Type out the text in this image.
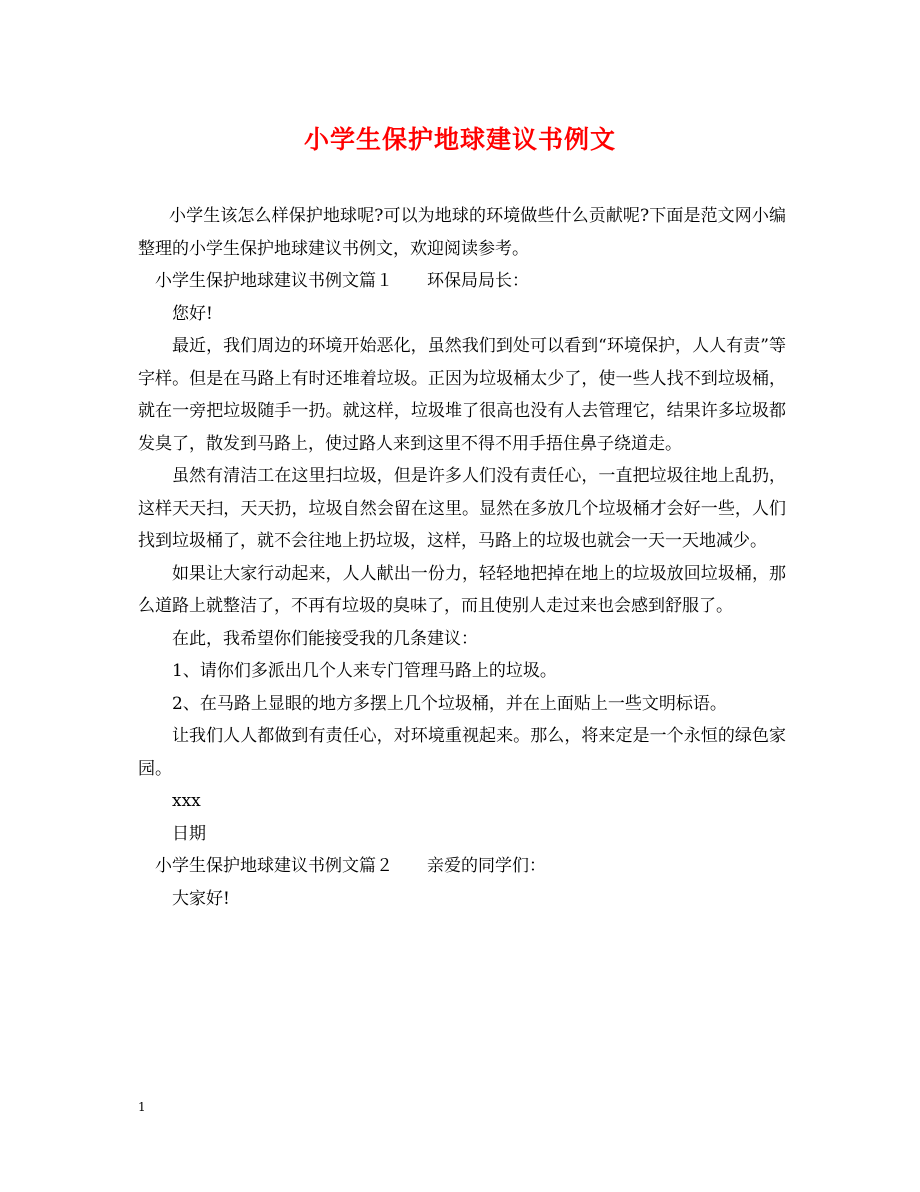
小学生保护地球建议书例文

小学生该怎么样保护地球呢?可以为地球的环境做些什么贡献呢?下面是范文网小编整理的小学生保护地球建议书例文，欢迎阅读参考。

小学生保护地球建议书例文篇１　　环保局局长：

您好!

最近，我们周边的环境开始恶化，虽然我们到处可以看到“环境保护，人人有责”等字样。但是在马路上有时还堆着垃圾。正因为垃圾桶太少了，使一些人找不到垃圾桶，就在一旁把垃圾随手一扔。就这样，垃圾堆了很高也没有人去管理它，结果许多垃圾都发臭了，散发到马路上，使过路人来到这里不得不用手捂住鼻子绕道走。

虽然有清洁工在这里扫垃圾，但是许多人们没有责任心，一直把垃圾往地上乱扔，这样天天扫，天天扔，垃圾自然会留在这里。显然在多放几个垃圾桶才会好一些，人们找到垃圾桶了，就不会往地上扔垃圾，这样，马路上的垃圾也就会一天一天地减少。

如果让大家行动起来，人人献出一份力，轻轻地把掉在地上的垃圾放回垃圾桶，那么道路上就整洁了，不再有垃圾的臭味了，而且使别人走过来也会感到舒服了。

在此，我希望你们能接受我的几条建议：

1、请你们多派出几个人来专门管理马路上的垃圾。

2、在马路上显眼的地方多摆上几个垃圾桶，并在上面贴上一些文明标语。

让我们人人都做到有责任心，对环境重视起来。那么，将来定是一个永恒的绿色家园。

xxx

日期

小学生保护地球建议书例文篇２　　亲爱的同学们：

大家好!

1
